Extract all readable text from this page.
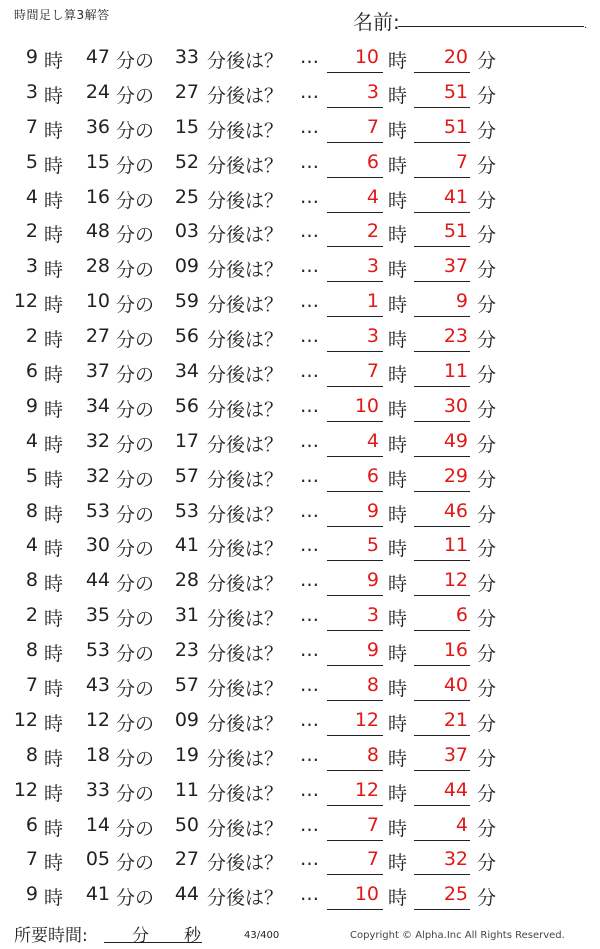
時間足し算3解答	名前:	.
9 時	47 分の	33 分後は？ …	10 時	20 分
3 時	24 分の	27 分後は？ …	3 時	51 分
7 時	36 分の	15 分後は？ …	7 時	51 分
5 時	15 分の	52 分後は？ …	6 時	7 分
4 時	16 分の	25 分後は？ …	4 時	41 分
2 時	48 分の	03 分後は？ …	2 時	51 分
3 時	28 分の	09 分後は？ …	3 時	37 分
12 時	10 分の	59 分後は？ …	1 時	9 分
2 時	27 分の	56 分後は？ …	3 時	23 分
6 時	37 分の	34 分後は？ …	7 時	11 分
9 時	34 分の	56 分後は？ …	10 時	30 分
4 時	32 分の	17 分後は？ …	4 時	49 分
5 時	32 分の	57 分後は？ …	6 時	29 分
8 時	53 分の	53 分後は？ …	9 時	46 分
4 時	30 分の	41 分後は？ …	5 時	11 分
8 時	44 分の	28 分後は？ …	9 時	12 分
2 時	35 分の	31 分後は？ …	3 時	6 分
8 時	53 分の	23 分後は？ …	9 時	16 分
7 時	43 分の	57 分後は？ …	8 時	40 分
12 時	12 分の	09 分後は？ …	12 時	21 分
8 時	18 分の	19 分後は？ …	8 時	37 分
12 時	33 分の	11 分後は？ …	12 時	44 分
6 時	14 分の	50 分後は？ …	7 時	4 分
7 時	05 分の	27 分後は？ …	7 時	32 分
9 時	41 分の	44 分後は？ …	10 時	25 分
所要時間:	分 秒	43/400	Copyright © Alpha.Inc All Rights Reserved.
